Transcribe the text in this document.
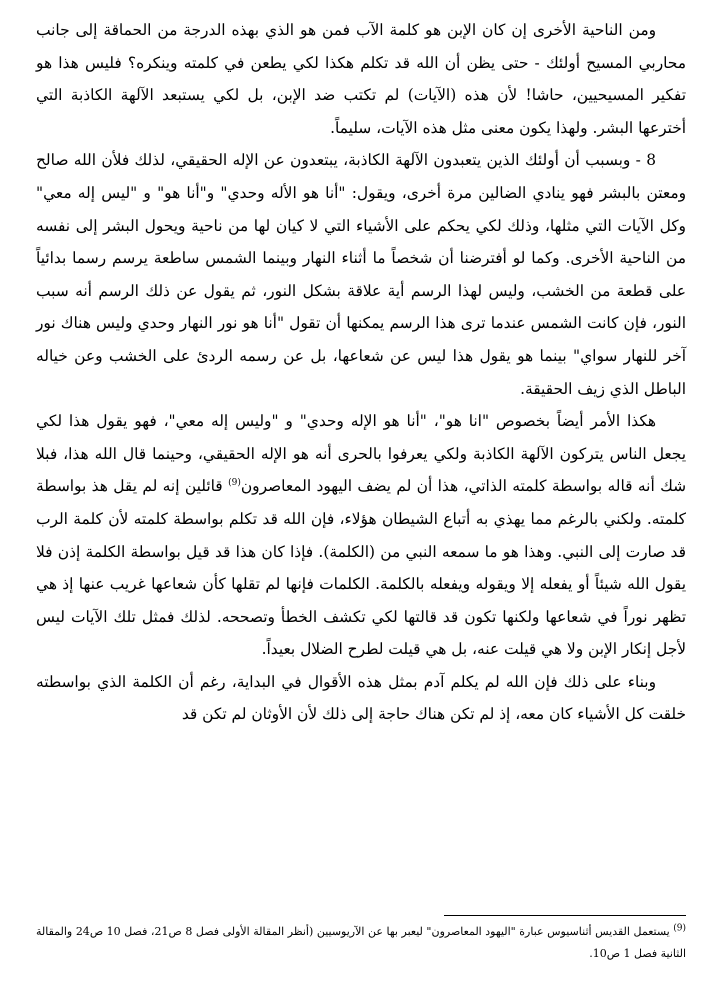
ومن الناحية الأخرى إن كان الإبن هو كلمة الآب فمن هو الذي بهذه الدرجة من الحماقة إلى جانب محاربي المسيح أولئك - حتى يظن أن الله قد تكلم هكذا لكي يطعن في كلمته وينكره؟ فليس هذا هو تفكير المسيحيين، حاشا! لأن هذه (الآيات) لم تكتب ضد الإبن، بل لكي يستبعد الآلهة الكاذبة التي أخترعها البشر. ولهذا يكون معنى مثل هذه الآيات، سليماً.

8 - وبسبب أن أولئك الذين يتعبدون الآلهة الكاذبة، يبتعدون عن الإله الحقيقي، لذلك فلأن الله صالح ومعتن بالبشر فهو ينادي الضالين مرة أخرى، ويقول: "أنا هو الأله وحدي" و"أنا هو" و "ليس إله معي" وكل الآيات التي مثلها، وذلك لكي يحكم على الأشياء التي لا كيان لها من ناحية ويحول البشر إلى نفسه من الناحية الأخرى. وكما لو أفترضنا أن شخصاً ما أثناء النهار وبينما الشمس ساطعة يرسم رسما بدائياً على قطعة من الخشب، وليس لهذا الرسم أية علاقة بشكل النور، ثم يقول عن ذلك الرسم أنه سبب النور، فإن كانت الشمس عندما ترى هذا الرسم يمكنها أن تقول "أنا هو نور النهار وحدي وليس هناك نور آخر للنهار سواي" بينما هو يقول هذا ليس عن شعاعها، بل عن رسمه الردئ على الخشب وعن خياله الباطل الذي زيف الحقيقة.

هكذا الأمر أيضاً بخصوص "انا هو"، "أنا هو الإله وحدي" و "وليس إله معي"، فهو يقول هذا لكي يجعل الناس يتركون الآلهة الكاذبة ولكي يعرفوا بالحرى أنه هو الإله الحقيقي، وحينما قال الله هذا، فبلا شك أنه قاله بواسطة كلمته الذاتي، هذا أن لم يضف اليهود المعاصرون$^{(9)}$ قائلين إنه لم يقل هذ بواسطة كلمته. ولكني بالرغم مما يهذي به أتباع الشيطان هؤلاء، فإن الله قد تكلم بواسطة كلمته لأن كلمة الرب قد صارت إلى النبي. وهذا هو ما سمعه النبي من (الكلمة). فإذا كان هذا قد قيل بواسطة الكلمة إذن فلا يقول الله شيئاً أو يفعله إلا ويقوله ويفعله بالكلمة. الكلمات فإنها لم تقلها كأن شعاعها غريب عنها إذ هي تظهر نوراً في شعاعها ولكنها تكون قد قالتها لكي تكشف الخطأ وتصححه. لذلك فمثل تلك الآيات ليس لأجل إنكار الإبن ولا هي قيلت عنه، بل هي قيلت لطرح الضلال بعيداً.

وبناء على ذلك فإن الله لم يكلم آدم بمثل هذه الأقوال في البداية، رغم أن الكلمة الذي بواسطته خلقت كل الأشياء كان معه، إذ لم تكن هناك حاجة إلى ذلك لأن الأوثان لم تكن قد

$^{(9)}$ يستعمل القديس أثناسيوس عبارة "اليهود المعاصرون" ليعبر بها عن الآريوسيين (أنظر المقالة الأولى فصل 8 ص21، فصل 10 ص24 والمقالة الثانية فصل 1 ص10.
